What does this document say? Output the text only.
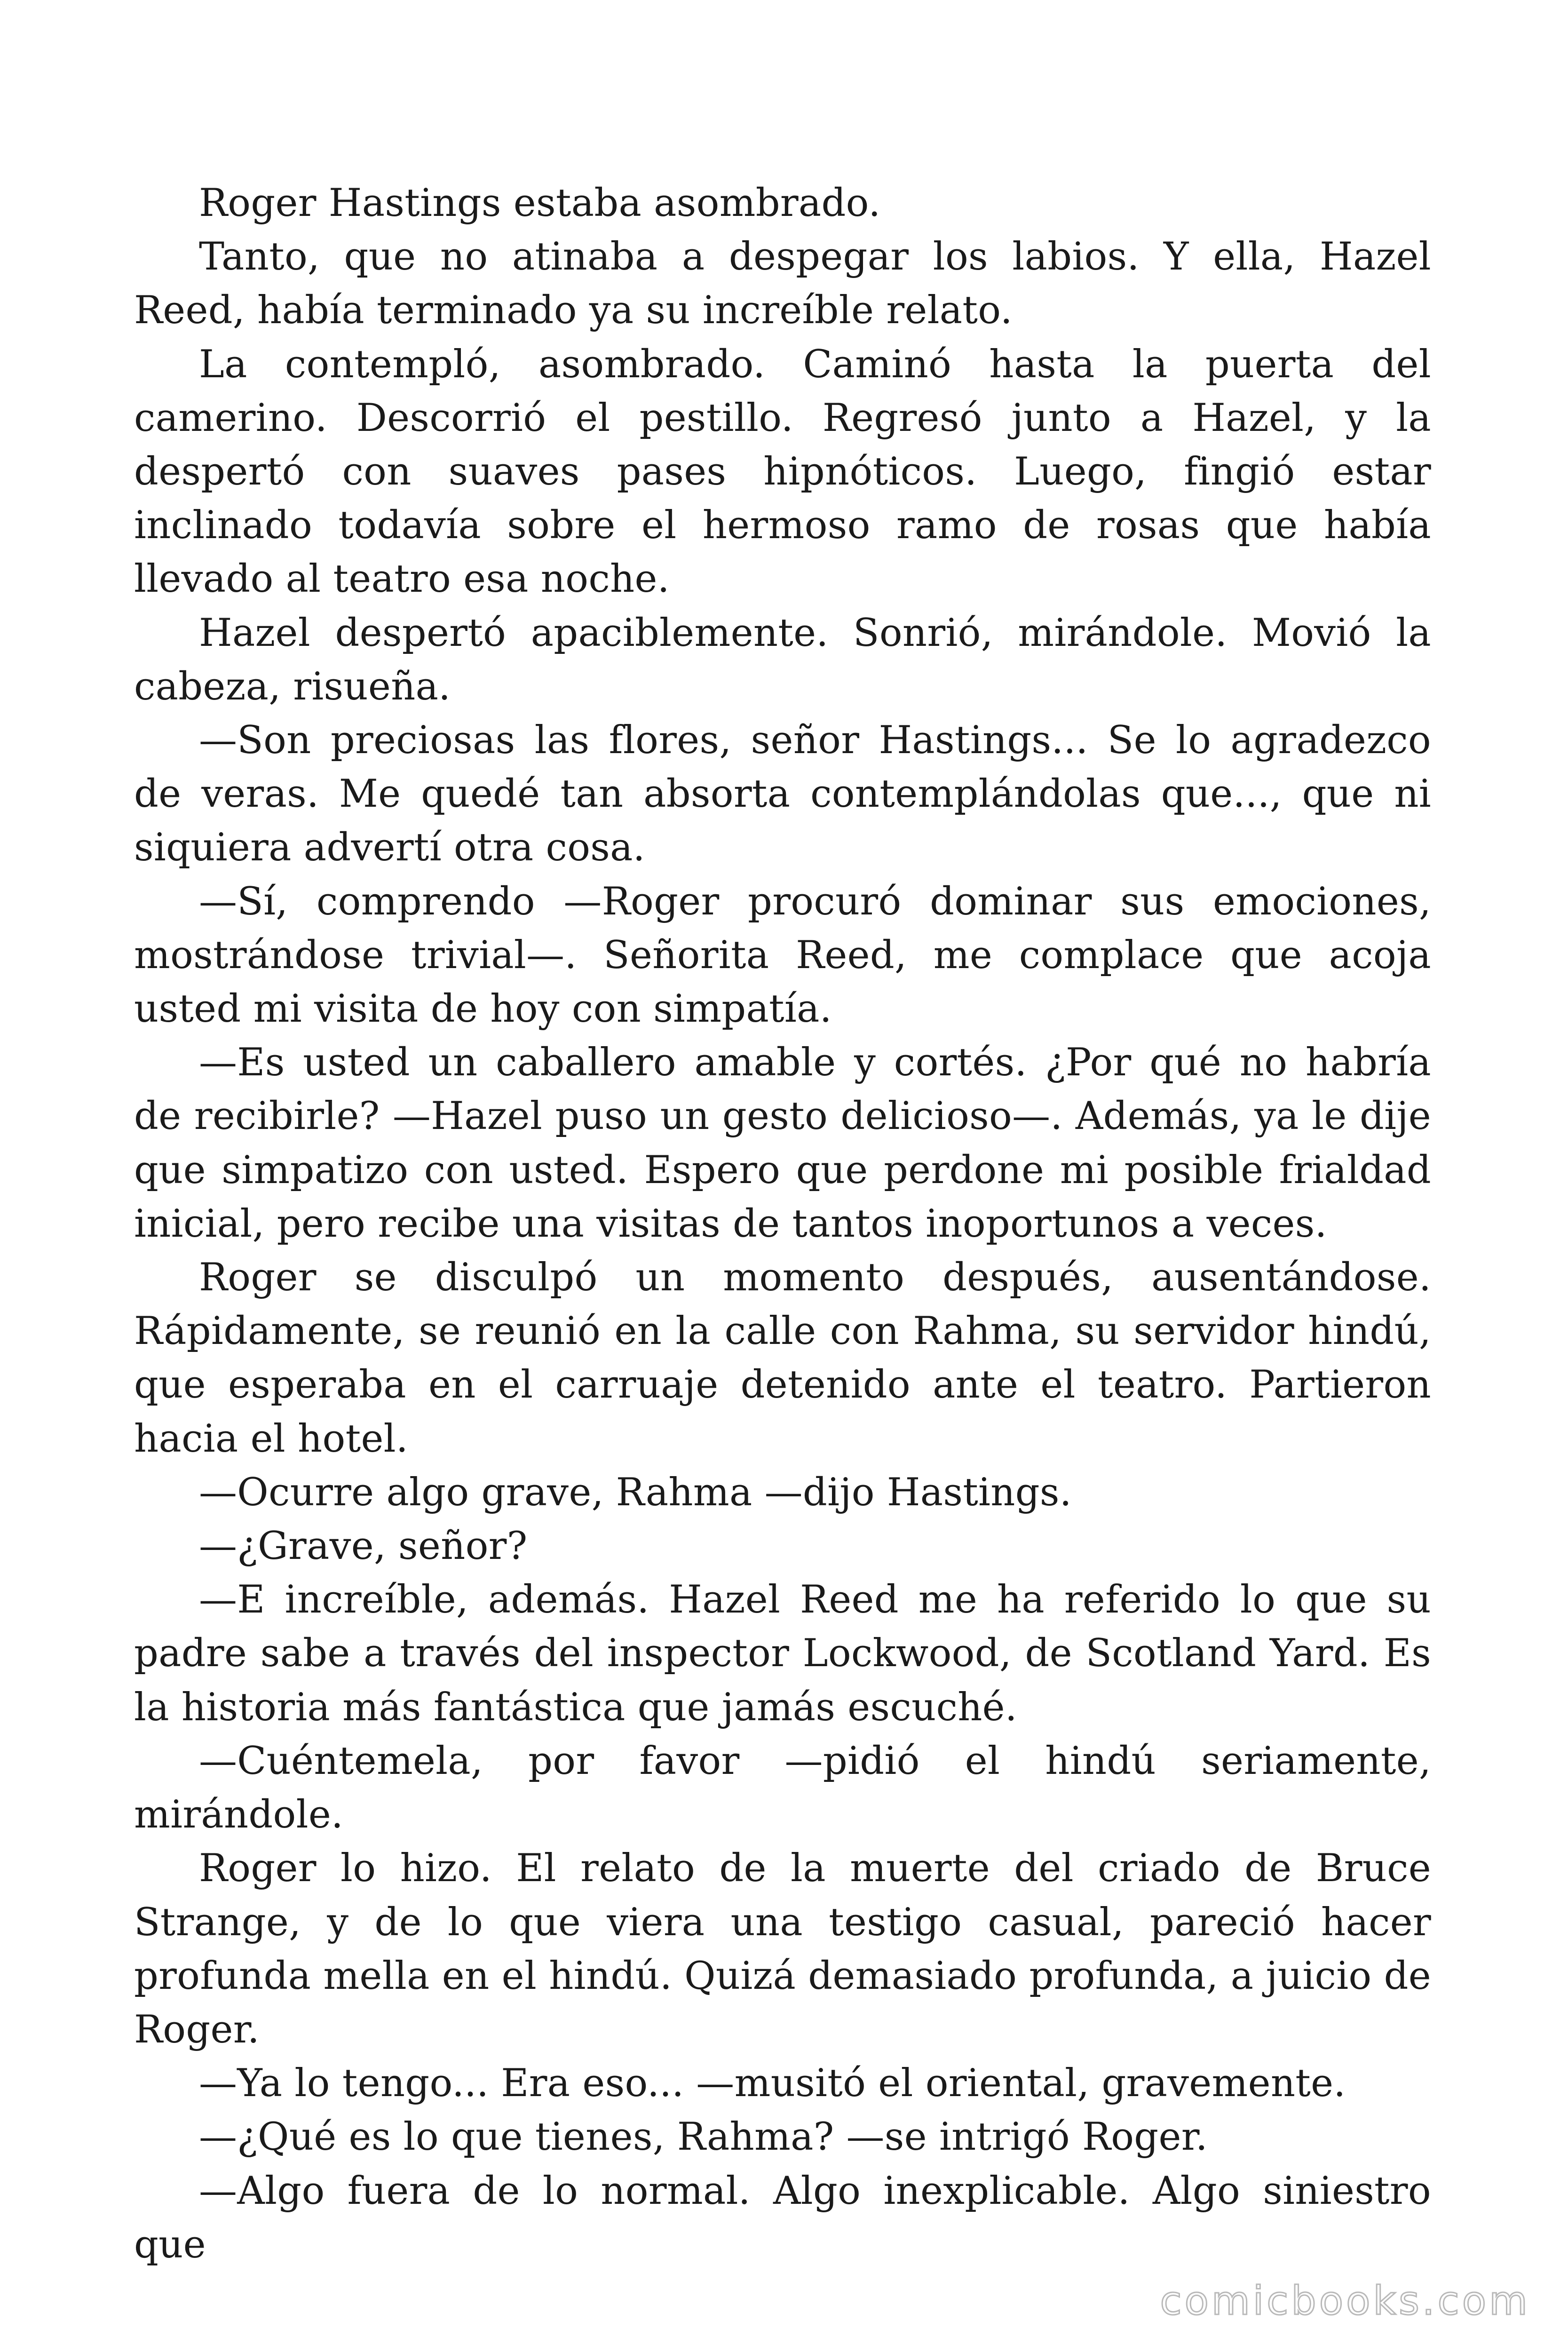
Roger Hastings estaba asombrado.

Tanto, que no atinaba a despegar los labios. Y ella, Hazel Reed, había terminado ya su increíble relato.

La contempló, asombrado. Caminó hasta la puerta del camerino. Descorrió el pestillo. Regresó junto a Hazel, y la despertó con suaves pases hipnóticos. Luego, fingió estar inclinado todavía sobre el hermoso ramo de rosas que había llevado al teatro esa noche.

Hazel despertó apaciblemente. Sonrió, mirándole. Movió la cabeza, risueña.

—Son preciosas las flores, señor Hastings... Se lo agradezco de veras. Me quedé tan absorta contemplándolas que..., que ni siquiera advertí otra cosa.

—Sí, comprendo —Roger procuró dominar sus emociones, mostrándose trivial—. Señorita Reed, me complace que acoja usted mi visita de hoy con simpatía.

—Es usted un caballero amable y cortés. ¿Por qué no habría de recibirle? —Hazel puso un gesto delicioso—. Además, ya le dije que simpatizo con usted. Espero que perdone mi posible frialdad inicial, pero recibe una visitas de tantos inoportunos a veces.

Roger se disculpó un momento después, ausentándose. Rápidamente, se reunió en la calle con Rahma, su servidor hindú, que esperaba en el carruaje detenido ante el teatro. Partieron hacia el hotel.

—Ocurre algo grave, Rahma —dijo Hastings.

—¿Grave, señor?

—E increíble, además. Hazel Reed me ha referido lo que su padre sabe a través del inspector Lockwood, de Scotland Yard. Es la historia más fantástica que jamás escuché.

—Cuéntemela, por favor —pidió el hindú seriamente, mirándole.

Roger lo hizo. El relato de la muerte del criado de Bruce Strange, y de lo que viera una testigo casual, pareció hacer profunda mella en el hindú. Quizá demasiado profunda, a juicio de Roger.

—Ya lo tengo... Era eso... —musitó el oriental, gravemente.

—¿Qué es lo que tienes, Rahma? —se intrigó Roger.

—Algo fuera de lo normal. Algo inexplicable. Algo siniestro que

comicbooks.com
